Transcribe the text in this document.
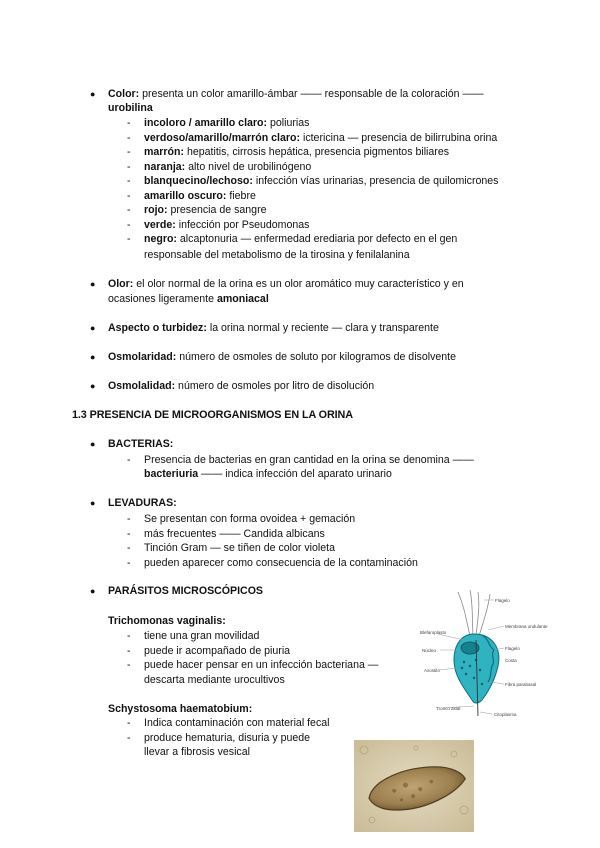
● Color: presenta un color amarillo-ámbar —— responsable de la coloración ——
urobilina
- incoloro / amarillo claro: poliurias
- verdoso/amarillo/marrón claro: ictericina — presencia de bilirrubina orina
- marrón: hepatitis, cirrosis hepática, presencia pigmentos biliares
- naranja: alto nivel de urobilinógeno
- blanquecino/lechoso: infección vías urinarias, presencia de quilomicrones
- amarillo oscuro: fiebre
- rojo: presencia de sangre
- verde: infección por Pseudomonas
- negro: alcaptonuria — enfermedad erediaria por defecto en el gen
responsable del metabolismo de la tirosina y fenilalanina
● Olor: el olor normal de la orina es un olor aromático muy característico y en
ocasiones ligeramente amoniacal
● Aspecto o turbidez: la orina normal y reciente — clara y transparente
● Osmolaridad: número de osmoles de soluto por kilogramos de disolvente
● Osmolalidad: número de osmoles por litro de disolución
1.3 PRESENCIA DE MICROORGANISMOS EN LA ORINA
● BACTERIAS:
- Presencia de bacterias en gran cantidad en la orina se denomina ——
bacteriuria —— indica infección del aparato urinario
● LEVADURAS:
- Se presentan con forma ovoidea + gemación
- más frecuentes —— Candida albicans
- Tinción Gram — se tiñen de color violeta
- pueden aparecer como consecuencia de la contaminación
● PARÁSITOS MICROSCÓPICOS
Trichomonas vaginalis:
- tiene una gran movilidad
- puede ir acompañado de piuria
- puede hacer pensar en un infección bacteriana —
descarta mediante urocultivos
Schystosoma haematobium:
- Indica contaminación con material fecal
- produce hematuria, disuria y puede
llevar a fibrosis vesical
Flagelo
Membrana ondulante
Blefaroplasto
Núcleo	Flagelo
Costa
Axostilo
Fibra parabasal
Tronco axial
Citoplasma
